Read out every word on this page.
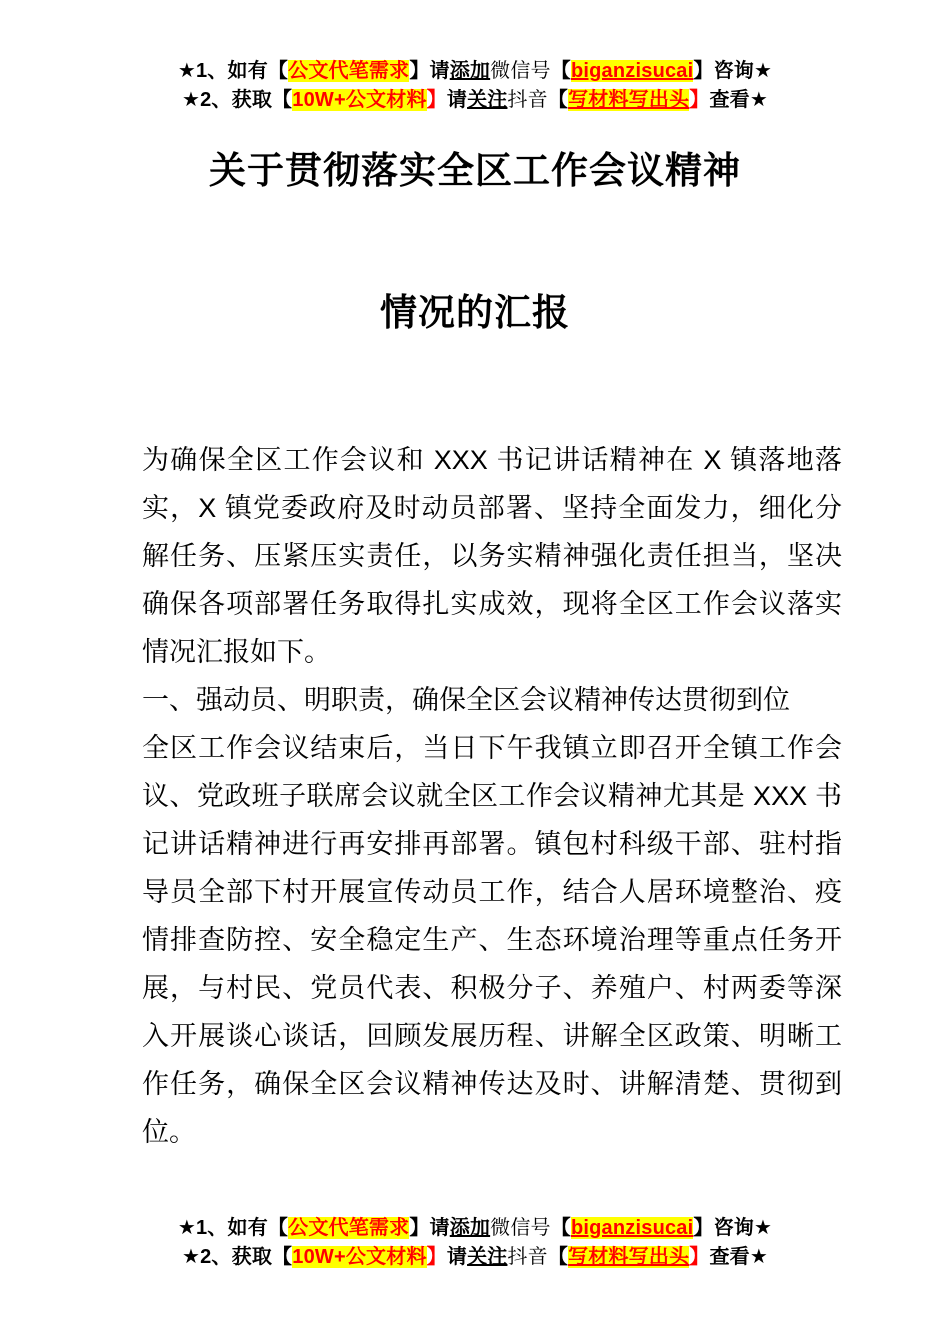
★1、如有【公文代笔需求】请添加微信号【biganzisucai】咨询★
★2、获取【10W+公文材料】请关注抖音【写材料写出头】查看★
关于贯彻落实全区工作会议精神
情况的汇报

为确保全区工作会议和 XXX 书记讲话精神在 X 镇落地落实，X 镇党委政府及时动员部署、坚持全面发力，细化分解任务、压紧压实责任，以务实精神强化责任担当，坚决确保各项部署任务取得扎实成效，现将全区工作会议落实情况汇报如下。

一、强动员、明职责，确保全区会议精神传达贯彻到位

全区工作会议结束后，当日下午我镇立即召开全镇工作会议、党政班子联席会议就全区工作会议精神尤其是 XXX 书记讲话精神进行再安排再部署。镇包村科级干部、驻村指导员全部下村开展宣传动员工作，结合人居环境整治、疫情排查防控、安全稳定生产、生态环境治理等重点任务开展，与村民、党员代表、积极分子、养殖户、村两委等深入开展谈心谈话，回顾发展历程、讲解全区政策、明晰工作任务，确保全区会议精神传达及时、讲解清楚、贯彻到位。

★1、如有【公文代笔需求】请添加微信号【biganzisucai】咨询★
★2、获取【10W+公文材料】请关注抖音【写材料写出头】查看★
